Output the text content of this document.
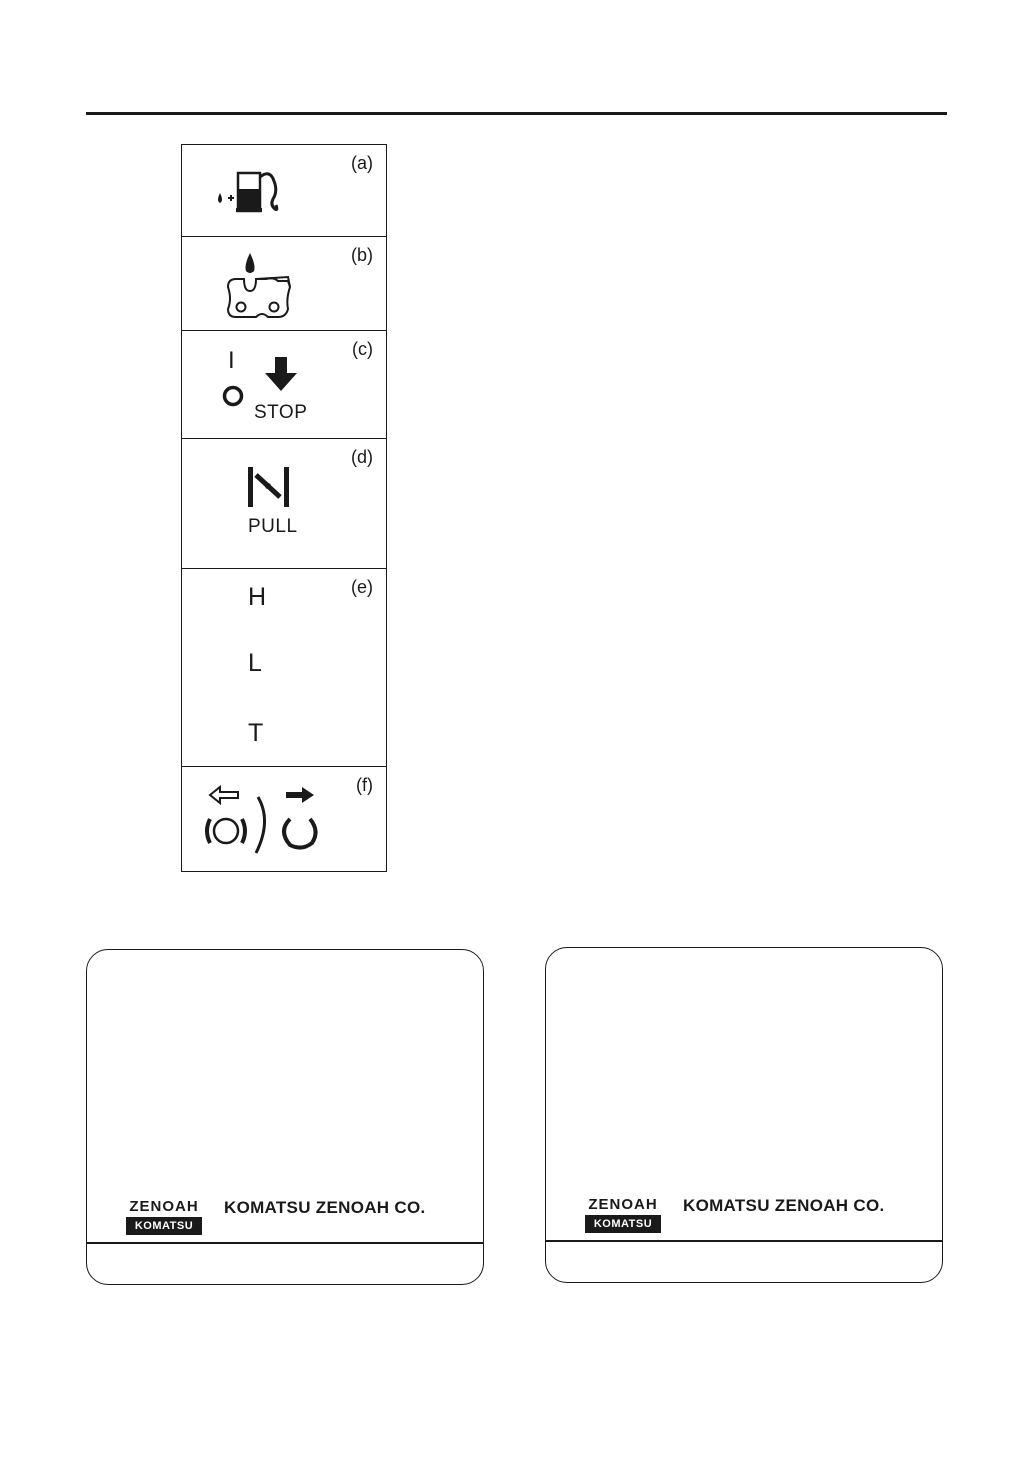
(a)
(b)
(c)
I
STOP
(d)
PULL
(e)
H
L
T
(f)
ZENOAH
KOMATSU
KOMATSU ZENOAH CO.	ZENOAH
KOMATSU
KOMATSU ZENOAH CO.
